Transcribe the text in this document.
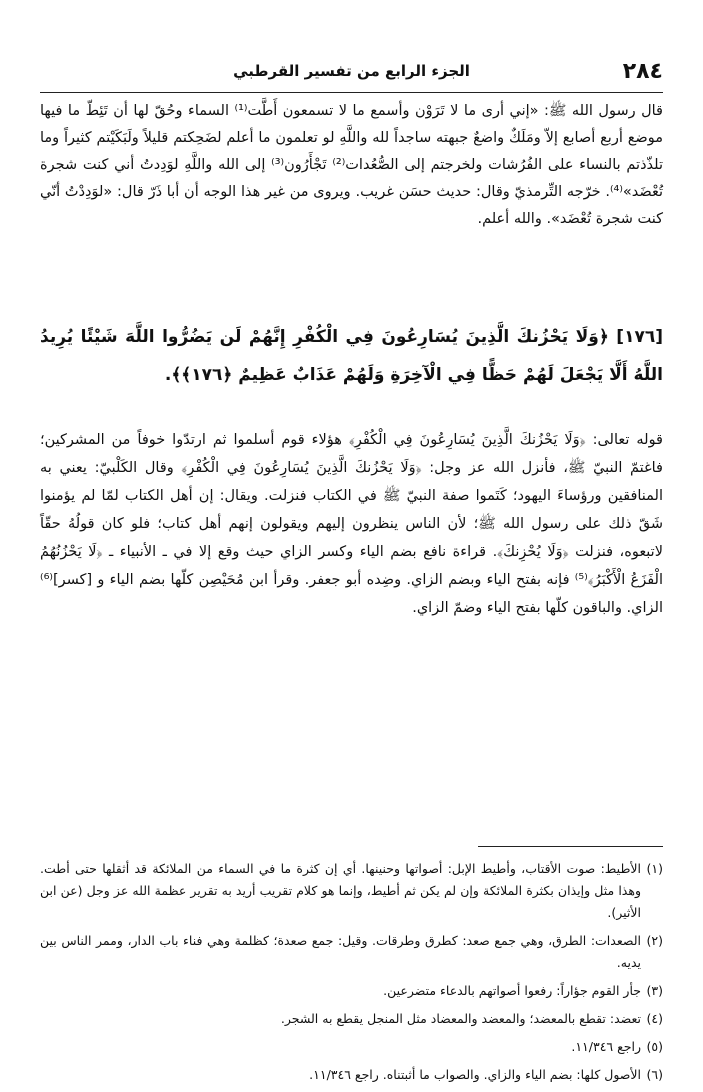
٢٨٤
الجزء الرابع من تفسير القرطبي

قال رسول الله ﷺ: «إني أرى ما لا تَرَوْن وأسمع ما لا تسمعون أَطَّت⁽¹⁾ السماء وحُقّ لها أن تَئِطّ ما فيها موضع أربع أصابع إلاّ ومَلَكٌ واضعٌ جبهته ساجداً لله واللَّهِ لو تعلمون ما أعلم لضَحِكتم قليلاً ولَبَكَيْتم كثيراً وما تلذّذتم بالنساء على الفُرُشات ولخرجتم إلى الصُّعُدات⁽²⁾ تَجْأَرُون⁽³⁾ إلى الله واللَّهِ لوَدِدتُ أني كنت شجرة تُعْضَد»⁽⁴⁾. خرّجه التِّرمذيّ وقال: حديث حسَن غريب. ويروى من غير هذا الوجه أن أبا ذَرّ قال: «لوَدِدْتُ أنّي كنت شجرة تُعْضَد». والله أعلم.

[١٧٦] ﴿وَلَا يَحْزُنكَ الَّذِينَ يُسَارِعُونَ فِي الْكُفْرِ إِنَّهُمْ لَن يَضُرُّوا اللَّهَ شَيْئًا يُرِيدُ اللَّهُ أَلَّا يَجْعَلَ لَهُمْ حَظًّا فِي الْآخِرَةِ وَلَهُمْ عَذَابٌ عَظِيمٌ ﴿١٧٦﴾﴾.

قوله تعالى: ﴿وَلَا يَحْزُنكَ الَّذِينَ يُسَارِعُونَ فِي الْكُفْرِ﴾ هؤلاء قوم أسلموا ثم ارتدّوا خوفاً من المشركين؛ فاغتمّ النبيّ ﷺ، فأنزل الله عز وجل: ﴿وَلَا يَحْزُنكَ الَّذِينَ يُسَارِعُونَ فِي الْكُفْرِ﴾ وقال الكَلْبيّ: يعني به المنافقين ورؤساءَ اليهود؛ كَتَموا صفة النبيّ ﷺ في الكتاب فنزلت. ويقال: إن أهل الكتاب لمّا لم يؤمنوا شَقّ ذلك على رسول الله ﷺ؛ لأن الناس ينظرون إليهم ويقولون إنهم أهل كتاب؛ فلو كان قولُهُ حقّاً لاتبعوه، فنزلت ﴿وَلَا يُحْزِنكَ﴾. قراءة نافع بضم الياء وكسر الزاي حيث وقع إلا في ـ الأنبياء ـ ﴿لَا يَحْزُنُهُمُ الْفَزَعُ الْأَكْبَرُ﴾⁽⁵⁾ فإنه بفتح الياء وبضم الزاي. وضِده أبو جعفر. وقرأ ابن مُحَيْصِن كلّها بضم الياء و [كسر]⁽⁶⁾ الزاي. والباقون كلّها بفتح الياء وضمّ الزاي.

(١)
الأطيط: صوت الأقتاب، وأطيط الإبل: أصواتها وحنينها. أي إن كثرة ما في السماء من الملائكة قد أثقلها حتى أطت. وهذا مثل وإيذان بكثرة الملائكة وإن لم يكن ثم أطيط، وإنما هو كلام تقريب أريد به تقرير عظمة الله عز وجل (عن ابن الأثير).

(٢)
الصعدات: الطرق، وهي جمع صعد: كطرق وطرقات. وقيل: جمع صعدة؛ كظلمة وهي فناء باب الدار، وممر الناس بين يديه.

(٣)
جأر القوم جؤاراً: رفعوا أصواتهم بالدعاء متضرعين.

(٤)
تعضد: تقطع بالمعضد؛ والمعضد والمعضاد مثل المنجل يقطع به الشجر.

(٥)
راجع ١١/٣٤٦.

(٦)
الأصول كلها: بضم الياء والزاي. والصواب ما أثبتناه. راجع ١١/٣٤٦.
